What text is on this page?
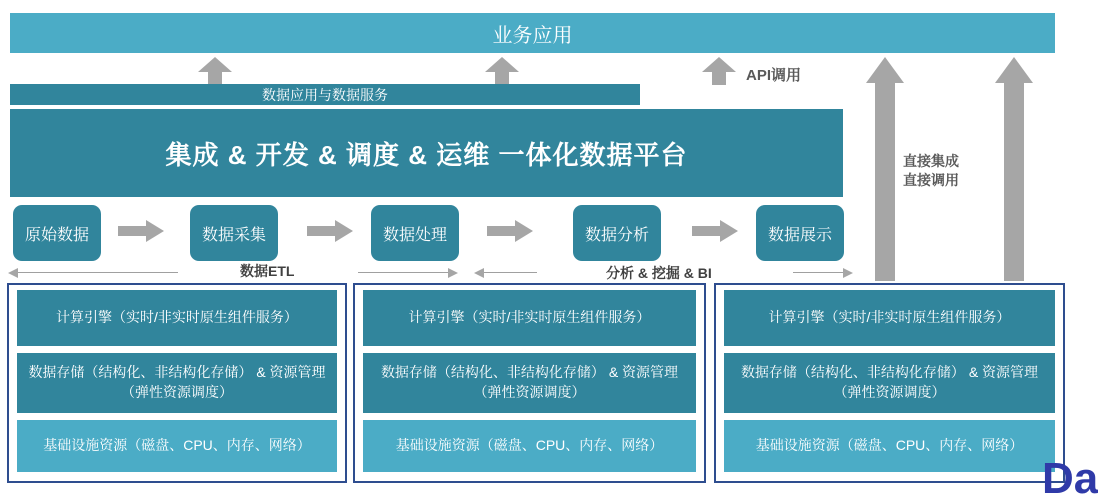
业务应用
API调用
数据应用与数据服务
集成 & 开发 & 调度 & 运维 一体化数据平台	直接集成
直接调用
原始数据	数据采集	数据处理	数据分析	数据展示
数据ETL	分析 & 挖掘 & BI
计算引擎（实时/非实时原生组件服务）
数据存储（结构化、非结构化存储） & 资源管理（弹性资源调度）
基础设施资源（磁盘、CPU、内存、网络）
计算引擎（实时/非实时原生组件服务）
数据存储（结构化、非结构化存储） & 资源管理（弹性资源调度）
基础设施资源（磁盘、CPU、内存、网络）
计算引擎（实时/非实时原生组件服务）
数据存储（结构化、非结构化存储） & 资源管理（弹性资源调度）
基础设施资源（磁盘、CPU、内存、网络）
Da
